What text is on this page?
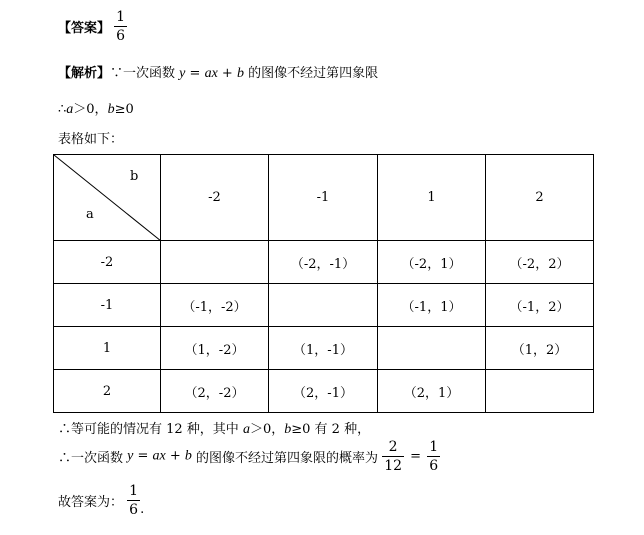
【答案】 $\frac{1}{6}$
【解析】∵一次函数 y = ax + b 的图像不经过第四象限
∴a＞0，b≥0
表格如下：
b
a	-2	-1	1	2
-2		（-2，-1）	（-2，1）	（-2，2）
-1	（-1，-2）		（-1，1）	（-1，2）
1	（1，-2）	（1，-1）		（1，2）
2	（2，-2）	（2，-1）	（2，1）	
∴等可能的情况有 12 种，其中 a＞0，b≥0 有 2 种，
∴一次函数 y = ax + b 的图像不经过第四象限的概率为 $\frac{2}{12} = \frac{1}{6}$
故答案为： $\frac{1}{6}$ .
